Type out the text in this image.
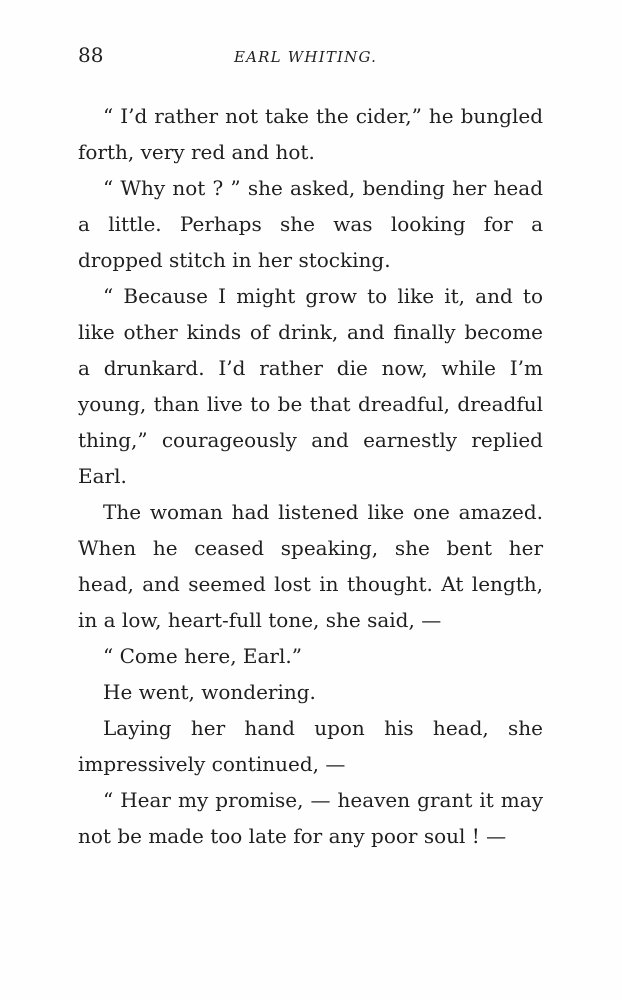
88	EARL WHITING.

“ I’d rather not take the cider,” he bungled forth, very red and hot.

“ Why not ? ” she asked, bending her head a little. Perhaps she was looking for a dropped stitch in her stocking.

“ Because I might grow to like it, and to like other kinds of drink, and finally become a drunkard. I’d rather die now, while I’m young, than live to be that dreadful, dreadful thing,” courageously and earnestly replied Earl.

The woman had listened like one amazed. When he ceased speaking, she bent her head, and seemed lost in thought. At length, in a low, heart-full tone, she said, —

“ Come here, Earl.”

He went, wondering.

Laying her hand upon his head, she impressively continued, —

“ Hear my promise, — heaven grant it may not be made too late for any poor soul ! —
